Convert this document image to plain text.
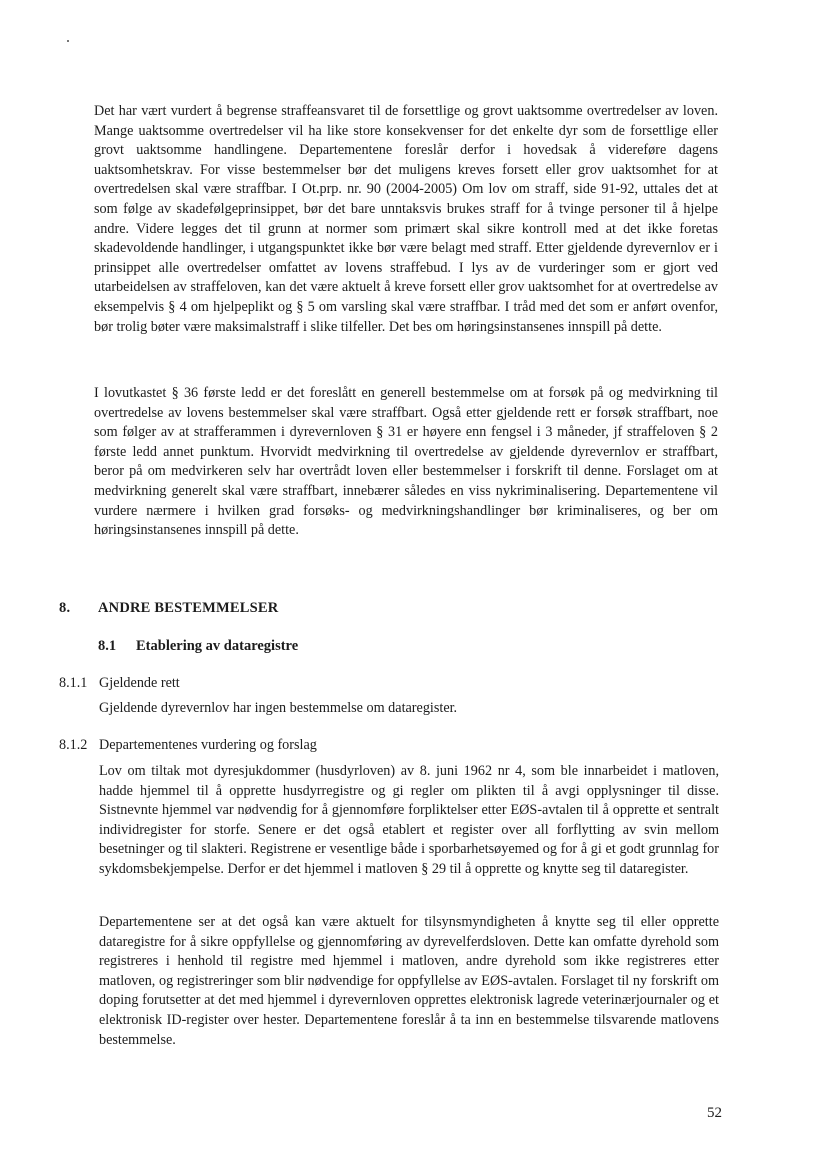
Det har vært vurdert å begrense straffeansvaret til de forsettlige og grovt uaktsomme overtredelser av loven. Mange uaktsomme overtredelser vil ha like store konsekvenser for det enkelte dyr som de forsettlige eller grovt uaktsomme handlingene. Departementene foreslår derfor i hovedsak å videreføre dagens uaktsomhetskrav. For visse bestemmelser bør det muligens kreves forsett eller grov uaktsomhet for at overtredelsen skal være straffbar. I Ot.prp. nr. 90 (2004-2005) Om lov om straff, side 91-92, uttales det at som følge av skadefølgeprinsippet, bør det bare unntaksvis brukes straff for å tvinge personer til å hjelpe andre. Videre legges det til grunn at normer som primært skal sikre kontroll med at det ikke foretas skadevoldende handlinger, i utgangspunktet ikke bør være belagt med straff. Etter gjeldende dyrevernlov er i prinsippet alle overtredelser omfattet av lovens straffebud. I lys av de vurderinger som er gjort ved utarbeidelsen av straffeloven, kan det være aktuelt å kreve forsett eller grov uaktsomhet for at overtredelse av eksempelvis § 4 om hjelpeplikt og § 5 om varsling skal være straffbar. I tråd med det som er anført ovenfor, bør trolig bøter være maksimalstraff i slike tilfeller. Det bes om høringsinstansenes innspill på dette.

I lovutkastet § 36 første ledd er det foreslått en generell bestemmelse om at forsøk på og medvirkning til overtredelse av lovens bestemmelser skal være straffbart. Også etter gjeldende rett er forsøk straffbart, noe som følger av at strafferammen i dyrevernloven § 31 er høyere enn fengsel i 3 måneder, jf straffeloven § 2 første ledd annet punktum. Hvorvidt medvirkning til overtredelse av gjeldende dyrevernlov er straffbart, beror på om medvirkeren selv har overtrådt loven eller bestemmelser i forskrift til denne. Forslaget om at medvirkning generelt skal være straffbart, innebærer således en viss nykriminalisering. Departementene vil vurdere nærmere i hvilken grad forsøks- og medvirkningshandlinger bør kriminaliseres, og ber om høringsinstansenes innspill på dette.

8. ANDRE BESTEMMELSER
8.1 Etablering av dataregistre
8.1.1 Gjeldende rett

Gjeldende dyrevernlov har ingen bestemmelse om dataregister.

8.1.2 Departementenes vurdering og forslag

Lov om tiltak mot dyresjukdommer (husdyrloven) av 8. juni 1962 nr 4, som ble innarbeidet i matloven, hadde hjemmel til å opprette husdyrregistre og gi regler om plikten til å avgi opplysninger til disse. Sistnevnte hjemmel var nødvendig for å gjennomføre forpliktelser etter EØS-avtalen til å opprette et sentralt individregister for storfe. Senere er det også etablert et register over all forflytting av svin mellom besetninger og til slakteri. Registrene er vesentlige både i sporbarhetsøyemed og for å gi et godt grunnlag for sykdomsbekjempelse. Derfor er det hjemmel i matloven § 29 til å opprette og knytte seg til dataregister.

Departementene ser at det også kan være aktuelt for tilsynsmyndigheten å knytte seg til eller opprette dataregistre for å sikre oppfyllelse og gjennomføring av dyrevelferdsloven. Dette kan omfatte dyrehold som registreres i henhold til registre med hjemmel i matloven, andre dyrehold som ikke registreres etter matloven, og registreringer som blir nødvendige for oppfyllelse av EØS-avtalen. Forslaget til ny forskrift om doping forutsetter at det med hjemmel i dyrevernloven opprettes elektronisk lagrede veterinærjournaler og et elektronisk ID-register over hester. Departementene foreslår å ta inn en bestemmelse tilsvarende matlovens bestemmelse.

52
